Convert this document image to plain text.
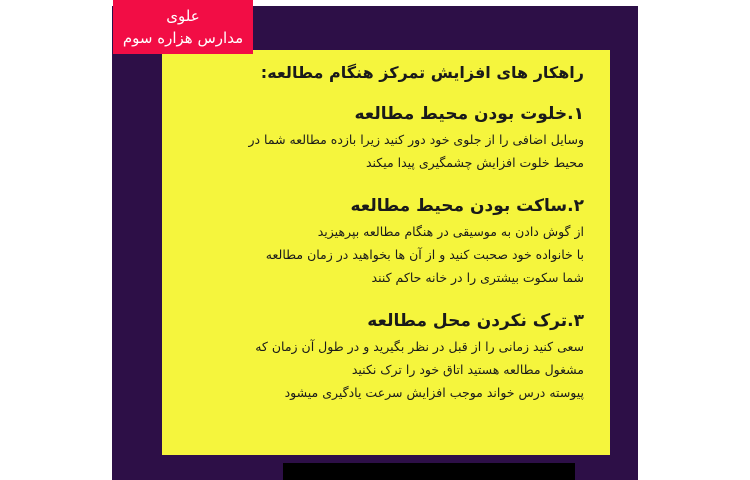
علوی
مدارس هزاره سوم
راهکار های افزایش تمرکز هنگام مطالعه:
۱.خلوت بودن محیط مطالعه
وسایل اضافی را از جلوی خود دور کنید زیرا بازده مطالعه شما در
محیط خلوت افزایش چشمگیری پیدا میکند
۲.ساکت بودن محیط مطالعه
از گوش دادن به موسیقی در هنگام مطالعه بپرهیزید
با خانواده خود صحبت کنید و از آن ها بخواهید در زمان مطالعه
شما سکوت بیشتری را در خانه حاکم کنند
۳.ترک نکردن محل مطالعه
سعی کنید زمانی را از قبل در نظر بگیرید و در طول آن زمان که
مشغول مطالعه هستید اتاق خود را ترک نکنید
پیوسته درس خواند موجب افزایش سرعت یادگیری میشود
